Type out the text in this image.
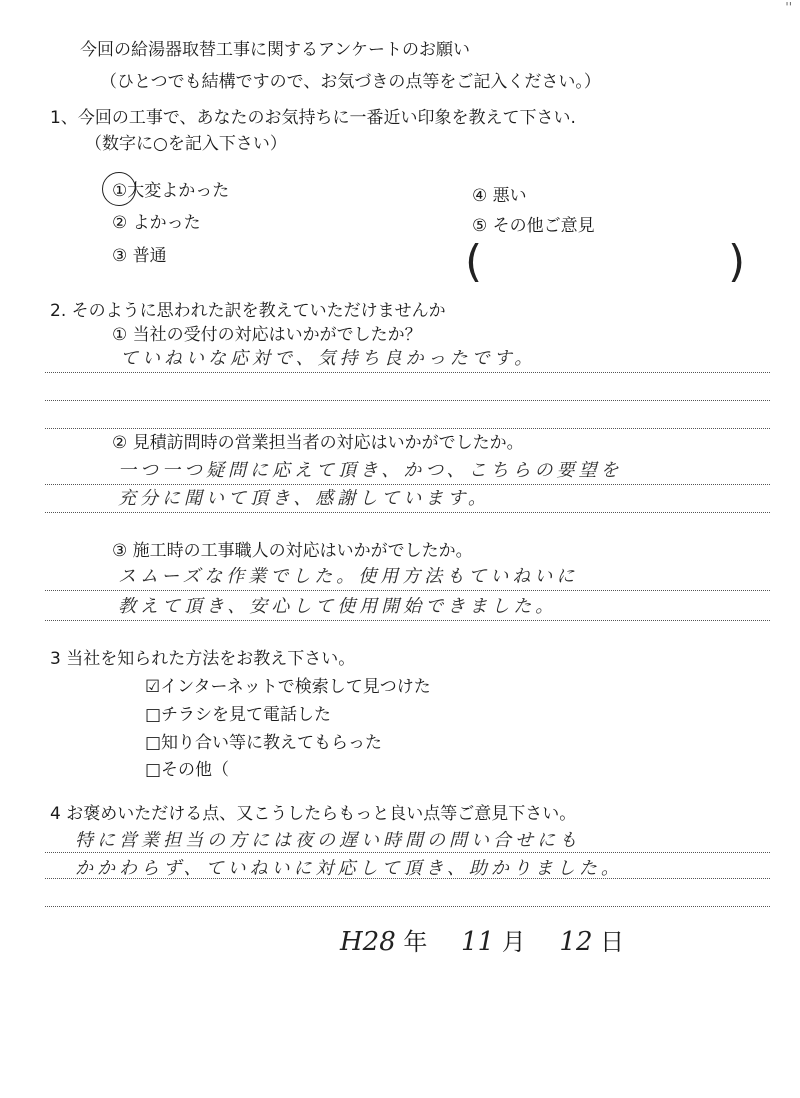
''
今回の給湯器取替工事に関するアンケートのお願い
（ひとつでも結構ですので、お気づきの点等をご記入ください。）
1、今回の工事で、あなたのお気持ちに一番近い印象を教えて下さい.
（数字に○を記入下さい）
①大変よかった
② よかった
③ 普通
④ 悪い
⑤ その他ご意見
(	)
2. そのように思われた訳を教えていただけませんか
① 当社の受付の対応はいかがでしたか？
ていねいな応対で、気持ち良かったです。
② 見積訪問時の営業担当者の対応はいかがでしたか。
一つ一つ疑問に応えて頂き、かつ、こちらの要望を
充分に聞いて頂き、感謝しています。
③ 施工時の工事職人の対応はいかがでしたか。
スムーズな作業でした。使用方法もていねいに
教えて頂き、安心して使用開始できました。
3 当社を知られた方法をお教え下さい。
☑インターネットで検索して見つけた
□チラシを見て電話した
□知り合い等に教えてもらった
□その他（
4 お褒めいただける点、又こうしたらもっと良い点等ご意見下さい。
特に営業担当の方には夜の遅い時間の問い合せにも
かかわらず、ていねいに対応して頂き、助かりました。
H28 年 11 月 12 日
